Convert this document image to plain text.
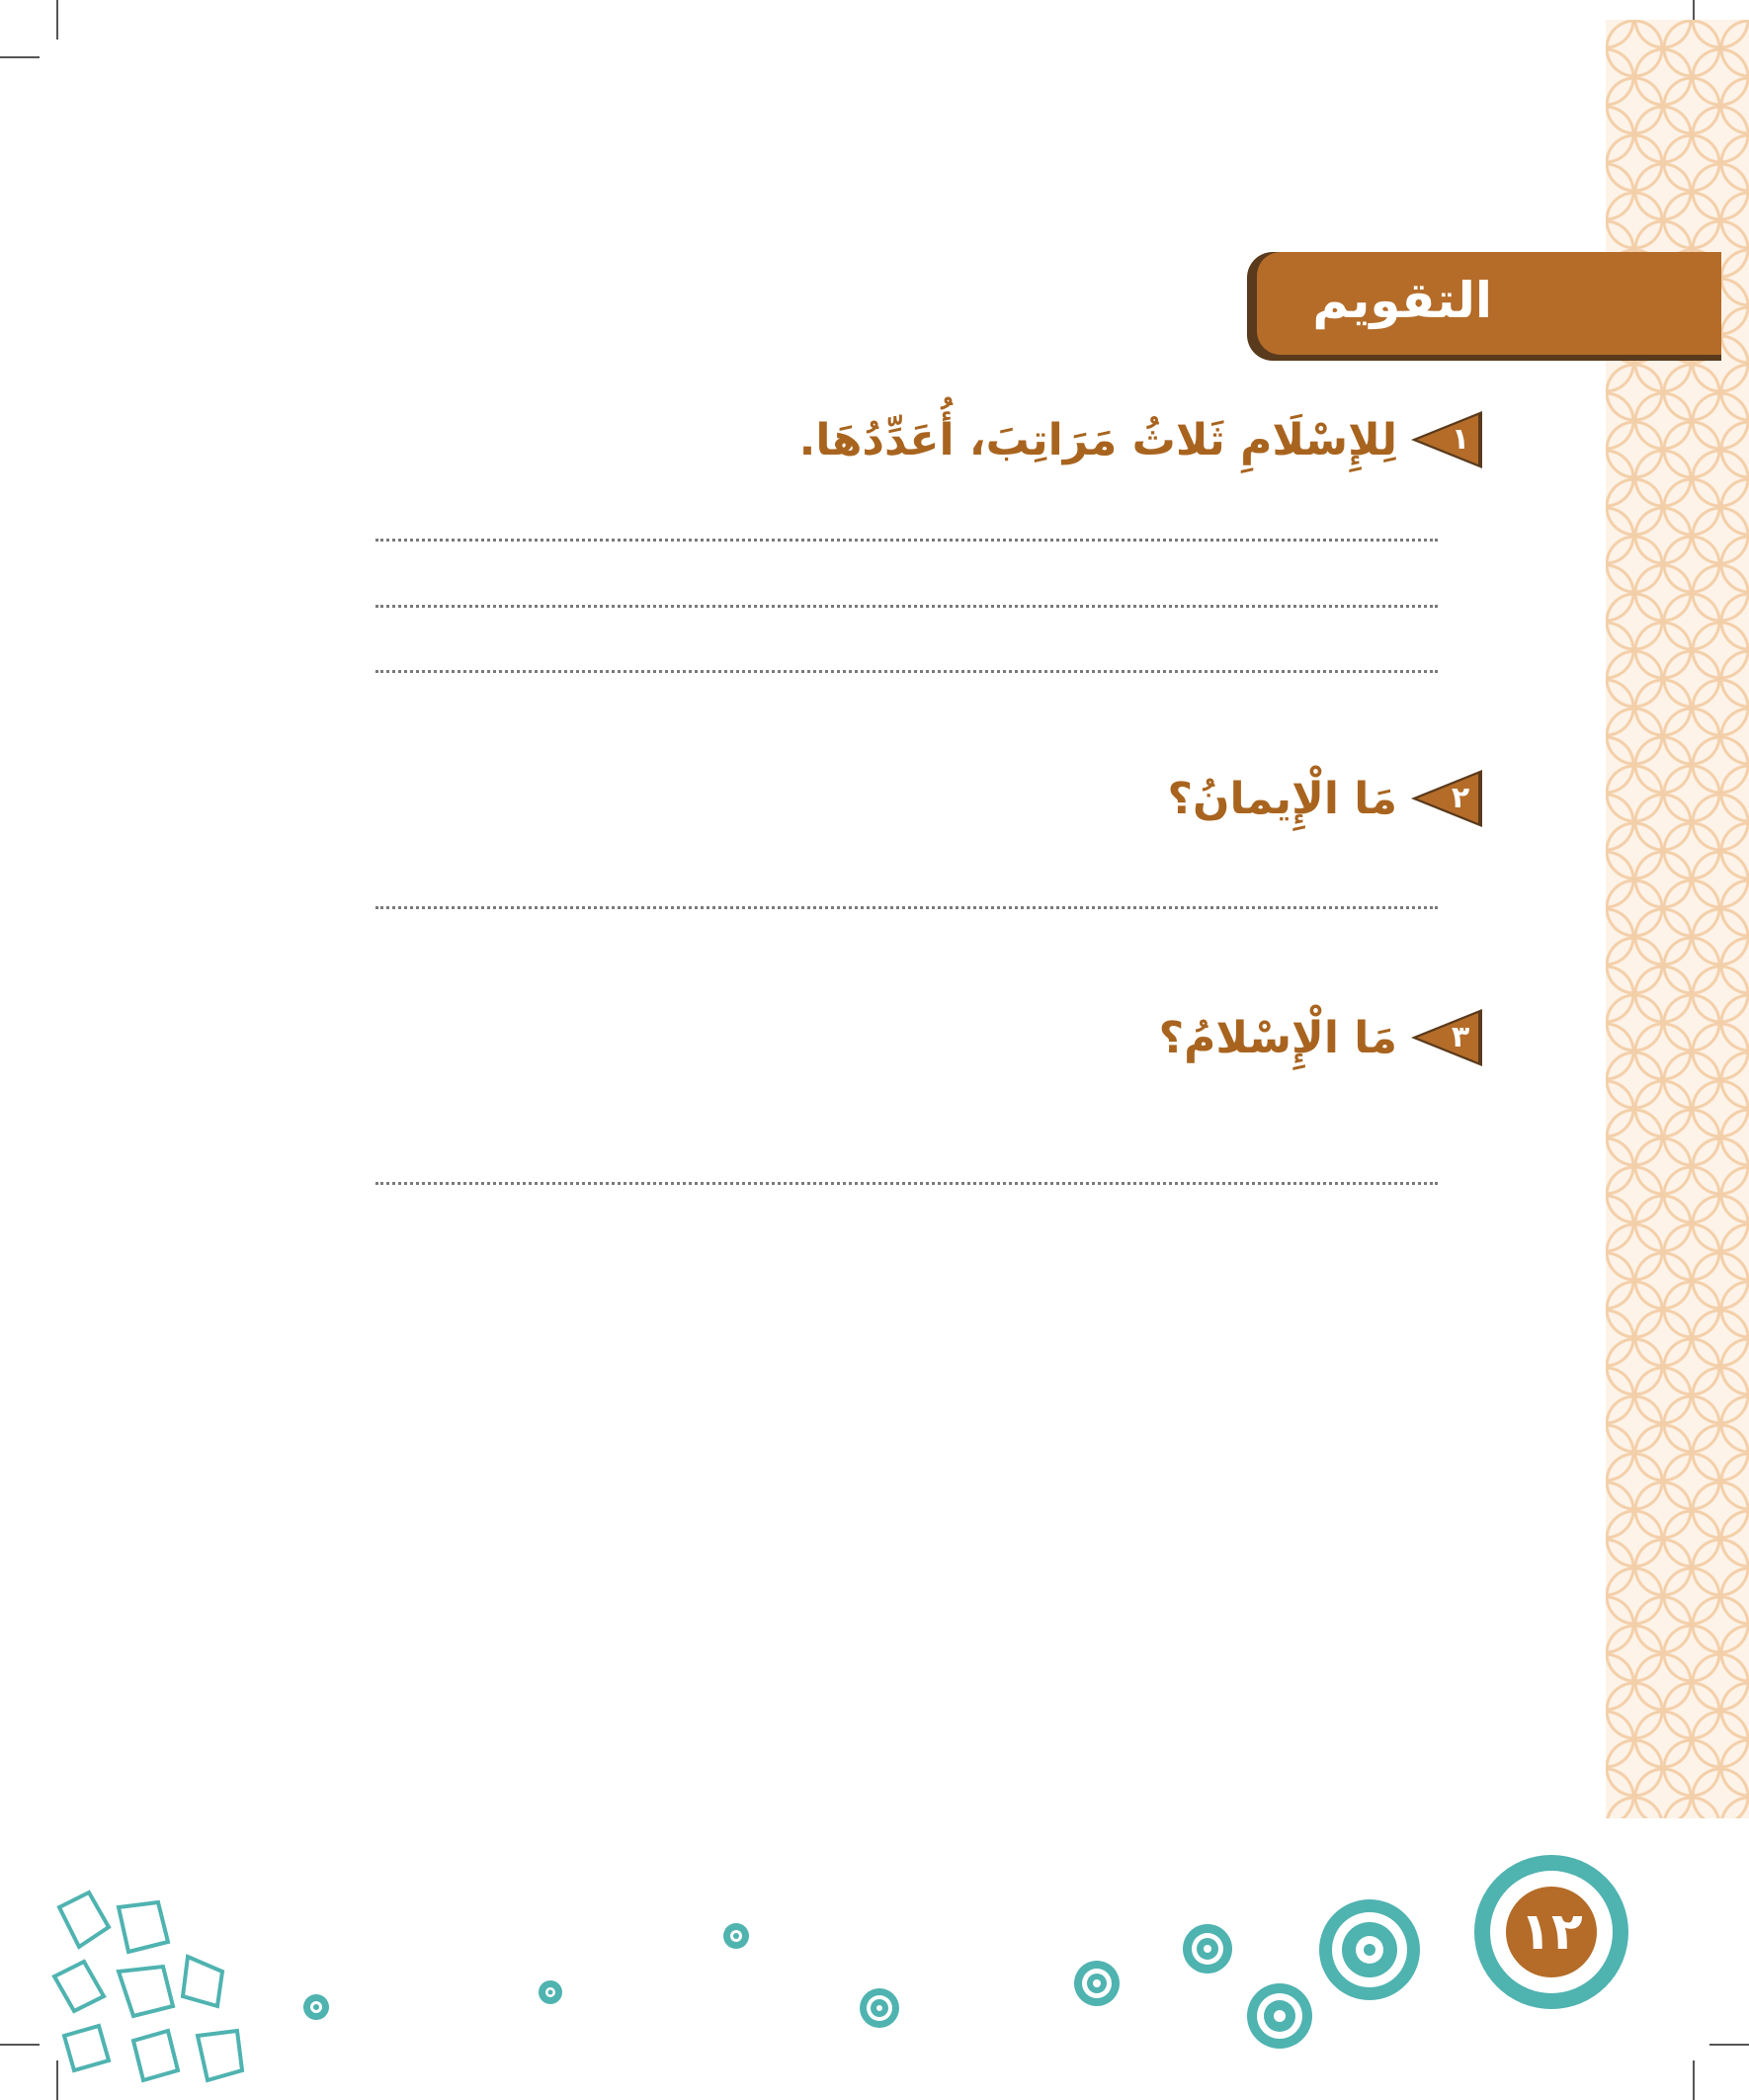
التقويم
١
لِلإِسْلَامِ ثَلاثُ مَرَاتِبَ، أُعَدِّدُهَا.
٢
مَا الْإِيمانُ؟
٣
مَا الْإِسْلامُ؟
١٢
